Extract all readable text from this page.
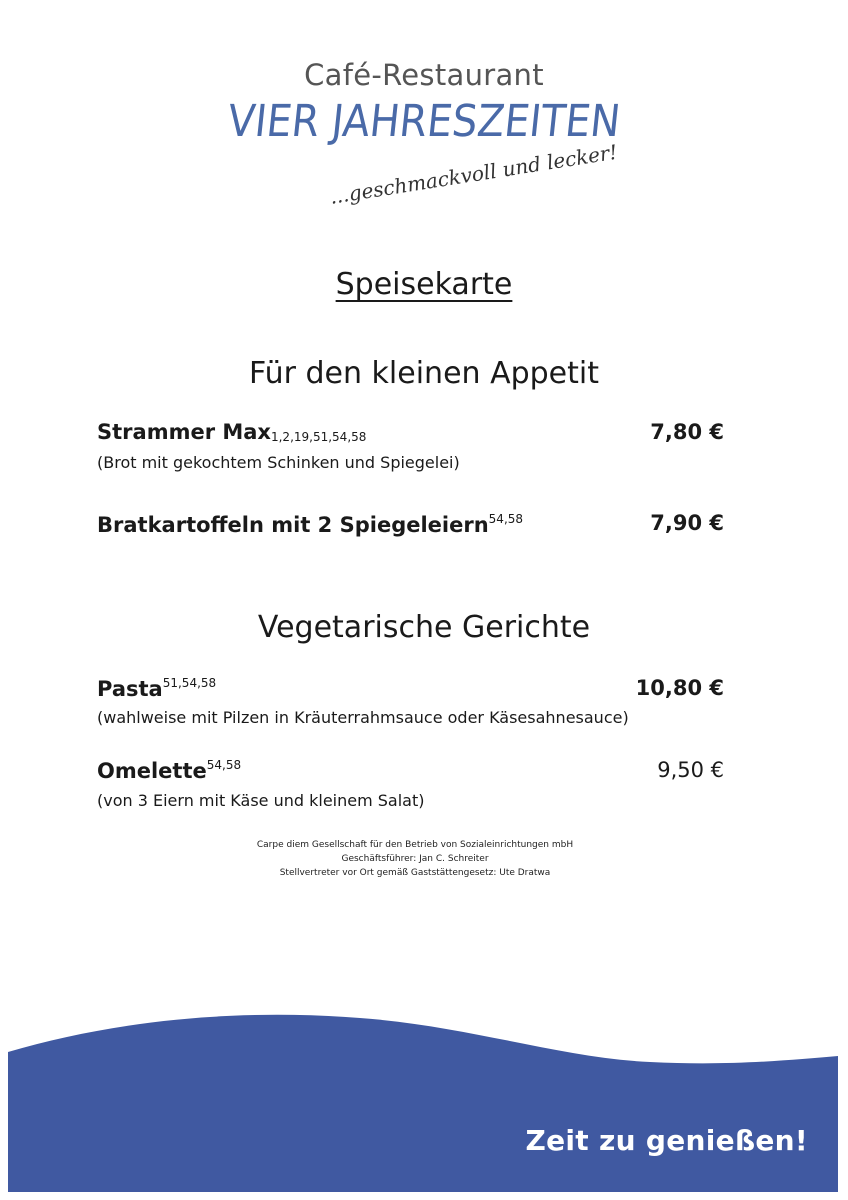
Café-Restaurant
VIER JAHRESZEITEN
...geschmackvoll und lecker!
Speisekarte
Für den kleinen Appetit
Strammer Max1,2,19,51,54,58
(Brot mit gekochtem Schinken und Spiegelei)
7,80 €
Bratkartoffeln mit 2 Spiegeleiern$^{54,58}$	7,90 €
Vegetarische Gerichte
Pasta$^{51,54,58}$
(wahlweise mit Pilzen in Kräuterrahmsauce oder Käsesahnesauce)
10,80 €
Omelette$^{54,58}$
(von 3 Eiern mit Käse und kleinem Salat)
9,50 €
Carpe diem Gesellschaft für den Betrieb von Sozialeinrichtungen mbH
Geschäftsführer: Jan C. Schreiter
Stellvertreter vor Ort gemäß Gaststättengesetz: Ute Dratwa
Zeit zu genießen!
